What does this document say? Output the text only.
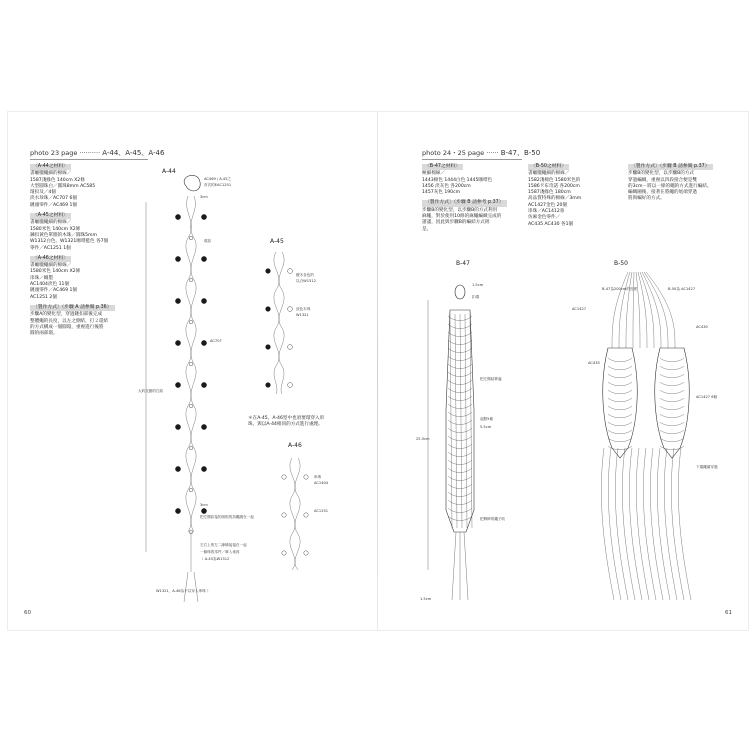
photo 23 page ·········· A-44、A-45、A-46
〈A-44之材料〉
書蠟臘繩細的棉線／
1587淺綠色 140cm X2條
大型圓珠白／圓珠8mm AC585
環扣及／4個
淡水珍珠／AC707 6個
鏈頭零件／AC469 1個
〈A-45之材料〉
書蠟臘繩細的棉線／
1580米色 140cm X2條
鍊扣黃色單圈的木珠／圓珠5mm
W1312白色、W1321咖啡藍色 各7個
零件／AC1251 1個
〈A-46之材料〉
書蠟臘繩細的棉線／
1580米色 140cm X2條
串珠／織製
AC1404淡色 11個
鏈頭零件／AC469 1個
AC1251 2個
〔製作方式〕（步驟 A 請參閱 p.36）
步驟A的變化型，穿過鏈扣部後完成
整體繩的長度，以左之側結，打２還結
的方式構成一個圓環，重複進行後將
圓的兩部環。
A-44
大約交錯的打結
AC469 / A-45之
首次的EAC1251
3cm
環扣
AC707
3cm
把左側扣接的兩根的扣繩繞在一起
左右上的左二線條接接在一起
一條珠的零件／單入來再
（ A-45為W1312
W1321，A-46為不以穿入串珠 ）
A-45
檀木各色的
以白W1312
淡色木珠
W1321
＊在A-45、A-46型中也須要環穿入串
珠，與以A-44相同的方式進行處理。
A-46
串珠
AC1404
AC1251
60
photo 24・25 page ······ B-47、B-50
〈B-47之材料〉
極細棉線／
1443棉色 1444白色 1445咖啡色
1456 淡灰色 各200cm
1457灰色 190cm
〔製作方式〕（步驟 B 請參考 p.37）
步驟B的變化型，以步驟B的方式利用
麻繩，對於使用10條的麻繩編織完成的
譜謹，因此與步驟B的編結方式則
是。
〈B-50之材料〉
書蠟臘繩細的棉線／
1582淺棉色 1580米色的
1586卡布奇諾 各200cm
1587淺綠色 180cm
高品質特殊的棉線／3mm
AC1427金色 20個
串珠／AC1412垂
仿麻金色零件／
AC435 AC430 各1個
〔製作方式〕（步驟 B 請參閱 p.37）
步驟B的變化型，以步驟B的方式
穿過編織，重複以四段接合便是雙
的3cm－將以一條的繩的方式進行編結。
編織圖後，接著在將繩的尾端穿過
將與編好的方式。
B-47
25.5cm
1.5cm
扣環
把左側結移處
起點5條
5.5cm
把剩餘的繩子收
1.5cm
B-50
B-47為200cm的長度	B-50為 AC1427
AC1427
AC430
AC435
AC1427 6個
下端繩頭穿過
61
